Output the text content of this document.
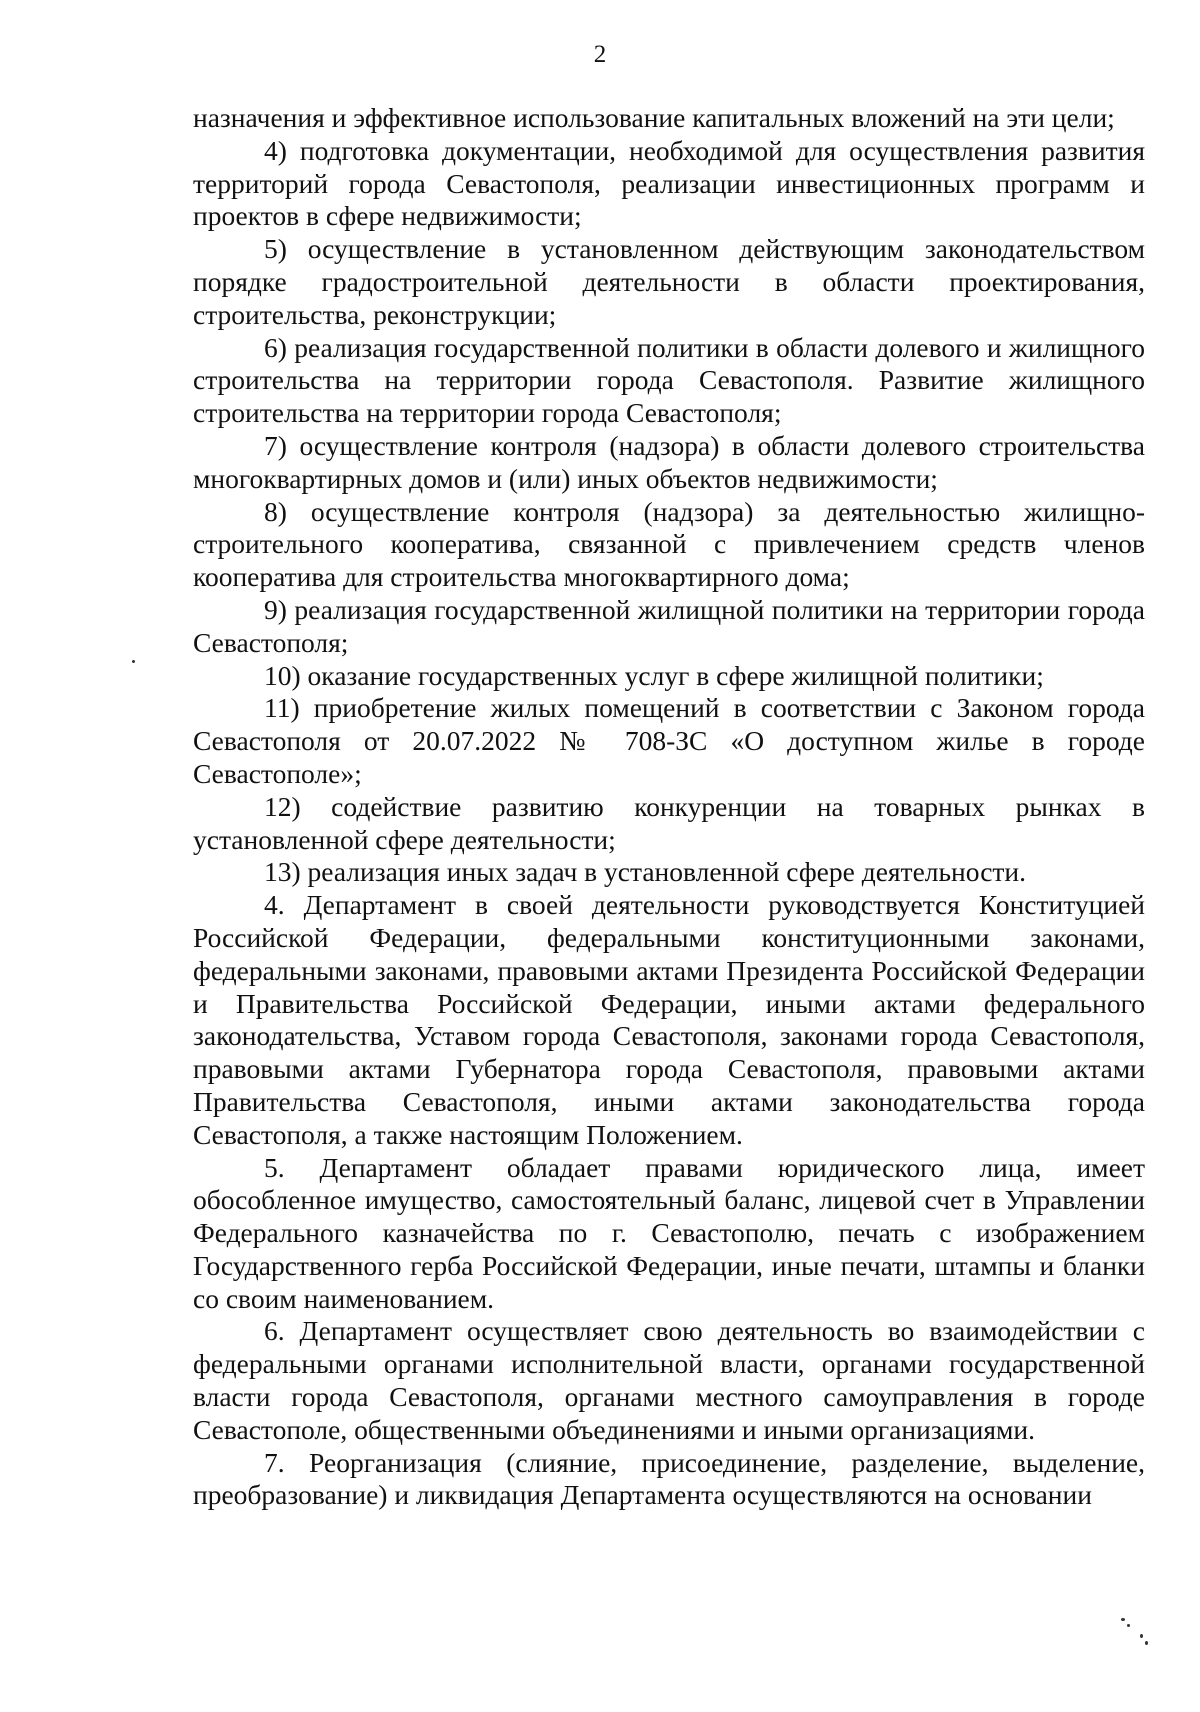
2

назначения и эффективное использование капитальных вложений на эти цели;

4) подготовка документации, необходимой для осуществления развития территорий города Севастополя, реализации инвестиционных программ и проектов в сфере недвижимости;

5) осуществление в установленном действующим законодательством порядке градостроительной деятельности в области проектирования, строительства, реконструкции;

6) реализация государственной политики в области долевого и жилищного строительства на территории города Севастополя. Развитие жилищного строительства на территории города Севастополя;

7) осуществление контроля (надзора) в области долевого строительства многоквартирных домов и (или) иных объектов недвижимости;

8) осуществление контроля (надзора) за деятельностью жилищно-строительного кооператива, связанной с привлечением средств членов кооператива для строительства многоквартирного дома;

9) реализация государственной жилищной политики на территории города Севастополя;

10) оказание государственных услуг в сфере жилищной политики;

11) приобретение жилых помещений в соответствии с Законом города Севастополя от 20.07.2022 № 708-ЗС «О доступном жилье в городе Севастополе»;

12) содействие развитию конкуренции на товарных рынках в установленной сфере деятельности;

13) реализация иных задач в установленной сфере деятельности.

4. Департамент в своей деятельности руководствуется Конституцией Российской Федерации, федеральными конституционными законами, федеральными законами, правовыми актами Президента Российской Федерации и Правительства Российской Федерации, иными актами федерального законодательства, Уставом города Севастополя, законами города Севастополя, правовыми актами Губернатора города Севастополя, правовыми актами Правительства Севастополя, иными актами законодательства города Севастополя, а также настоящим Положением.

5. Департамент обладает правами юридического лица, имеет обособленное имущество, самостоятельный баланс, лицевой счет в Управлении Федерального казначейства по г. Севастополю, печать с изображением Государственного герба Российской Федерации, иные печати, штампы и бланки со своим наименованием.

6. Департамент осуществляет свою деятельность во взаимодействии с федеральными органами исполнительной власти, органами государственной власти города Севастополя, органами местного самоуправления в городе Севастополе, общественными объединениями и иными организациями.

7. Реорганизация (слияние, присоединение, разделение, выделение, преобразование) и ликвидация Департамента осуществляются на основании
